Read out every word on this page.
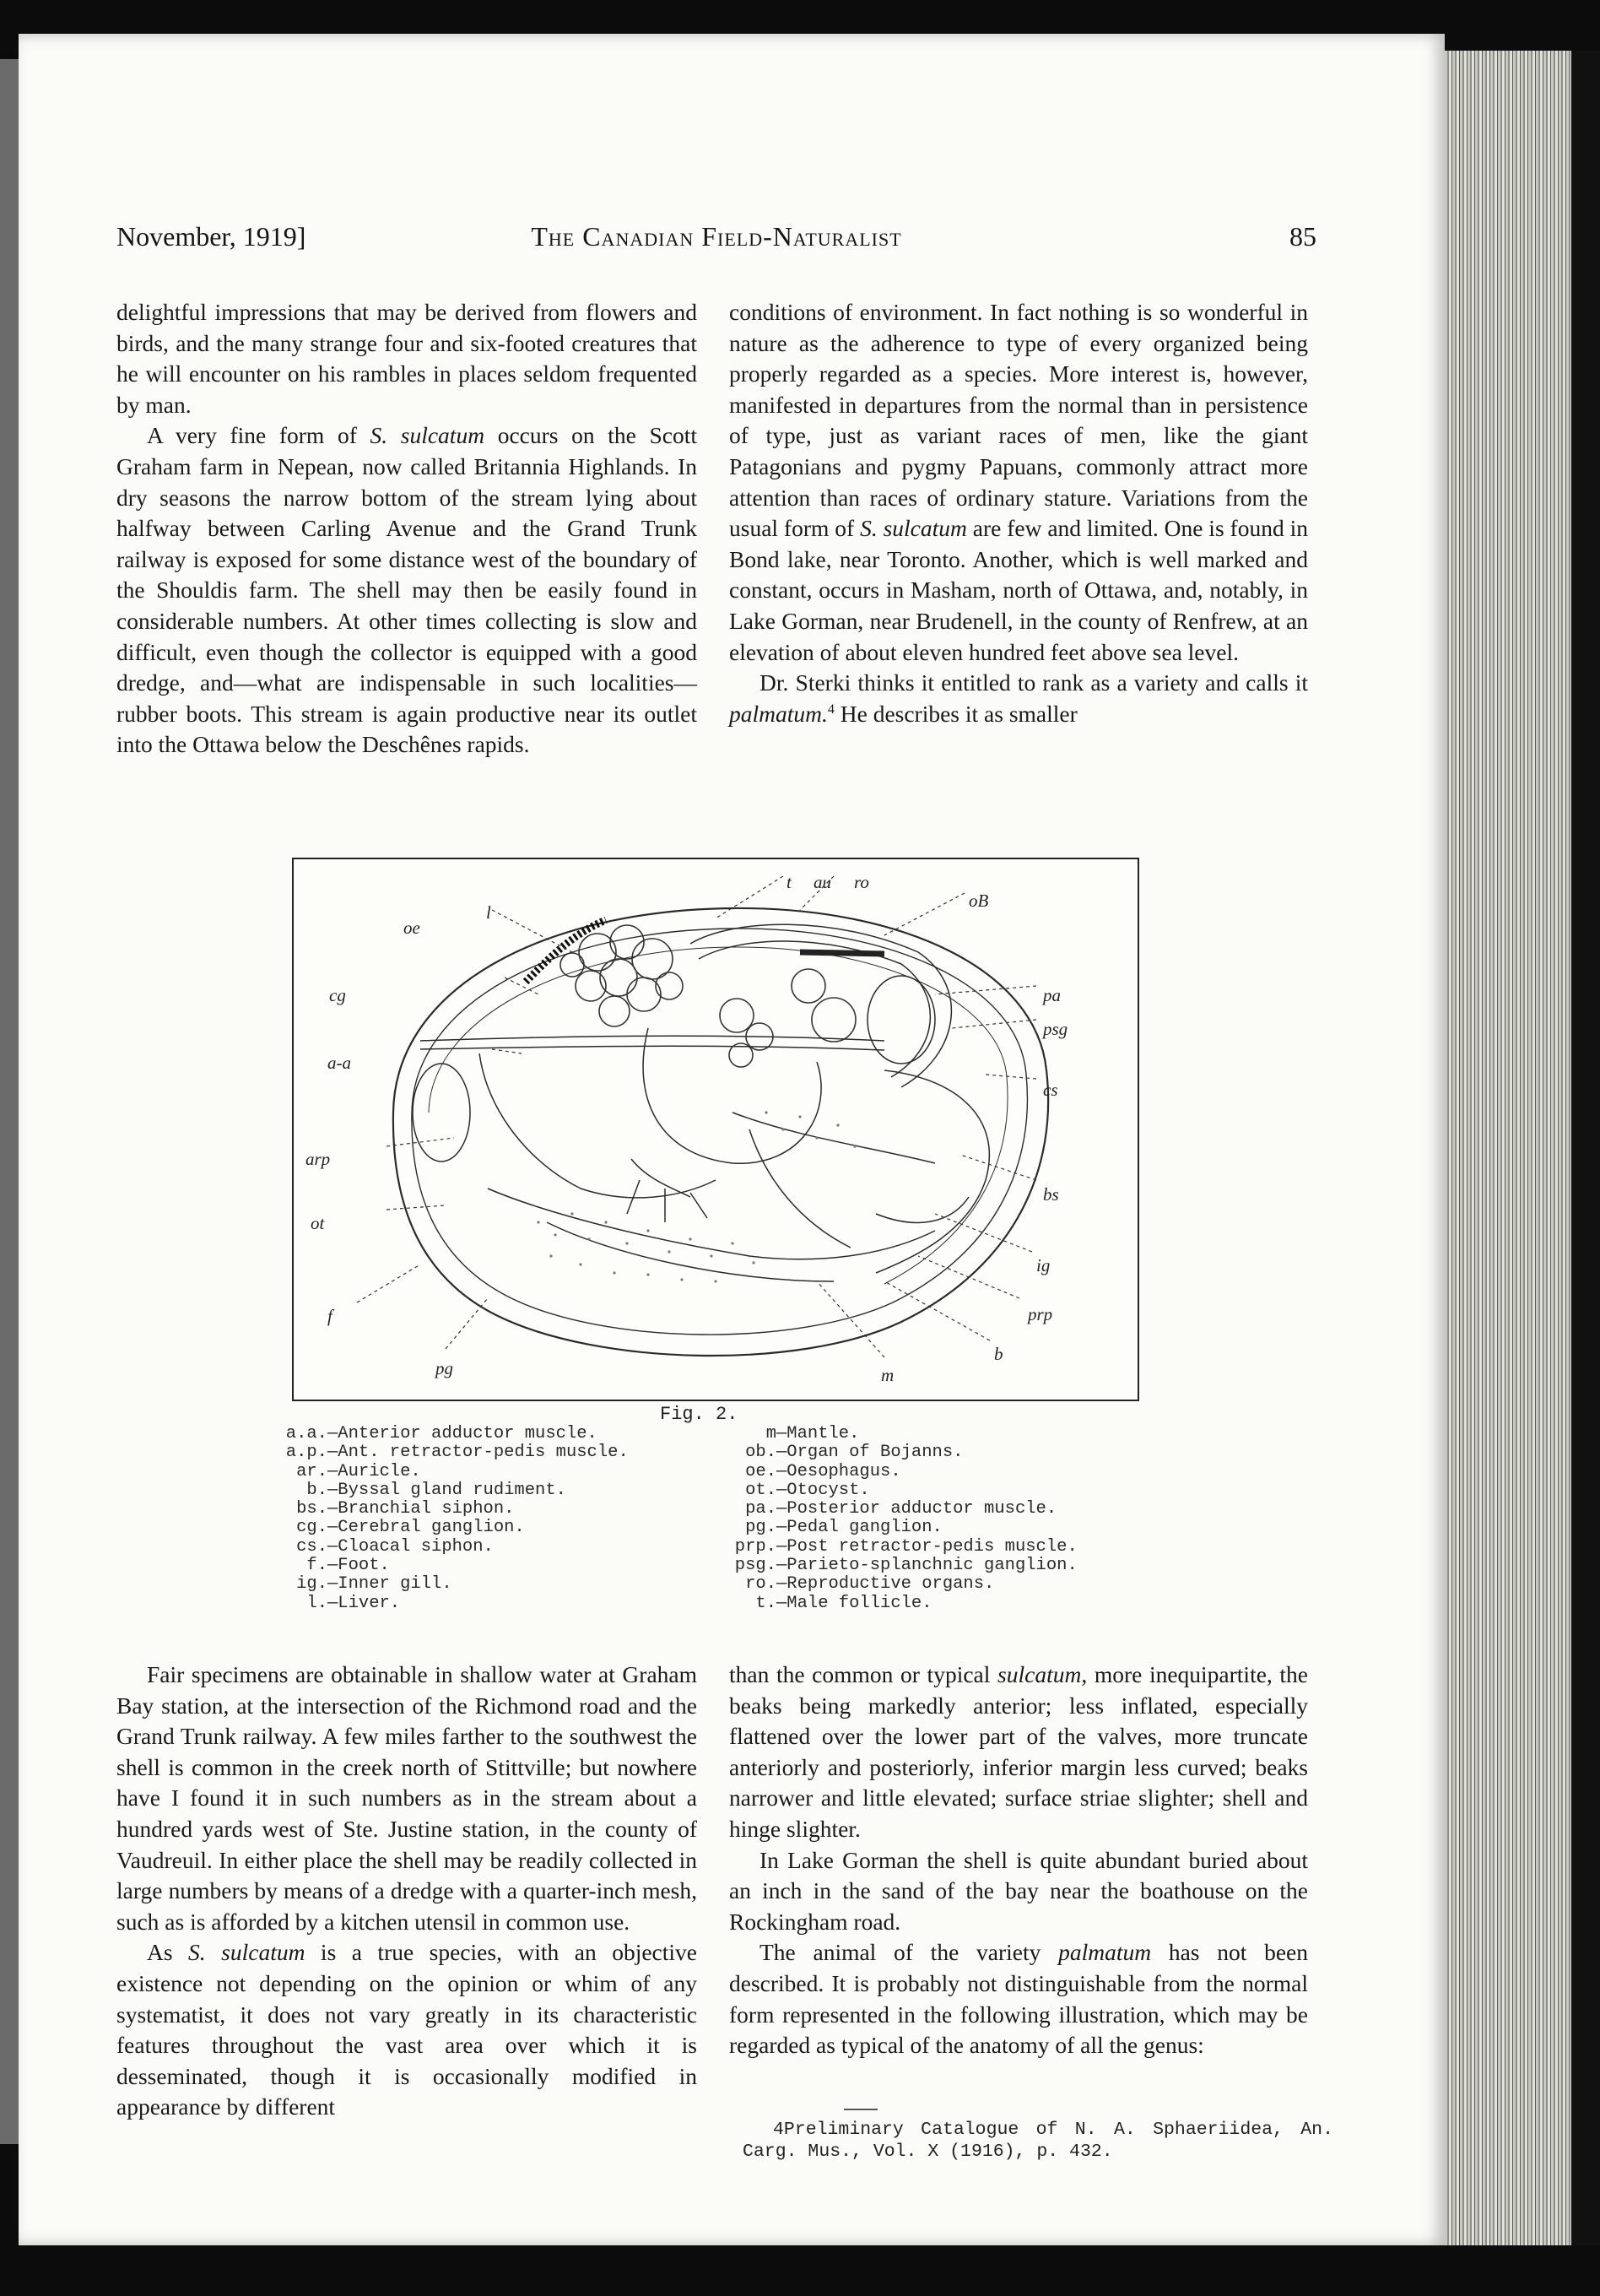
November, 1919]	The Canadian Field-Naturalist	85

delightful impressions that may be derived from flowers and birds, and the many strange four and six-footed creatures that he will encounter on his rambles in places seldom frequented by man.

A very fine form of S. sulcatum occurs on the Scott Graham farm in Nepean, now called Britannia Highlands. In dry seasons the narrow bottom of the stream lying about halfway between Carling Avenue and the Grand Trunk railway is exposed for some distance west of the boundary of the Shouldis farm. The shell may then be easily found in considerable numbers. At other times collecting is slow and difficult, even though the collector is equipped with a good dredge, and—what are indispensable in such localities—rubber boots. This stream is again productive near its outlet into the Ottawa below the Deschênes rapids.

conditions of environment. In fact nothing is so wonderful in nature as the adherence to type of every organized being properly regarded as a species. More interest is, however, manifested in departures from the normal than in persistence of type, just as variant races of men, like the giant Patagonians and pygmy Papuans, commonly attract more attention than races of ordinary stature. Variations from the usual form of S. sulcatum are few and limited. One is found in Bond lake, near Toronto. Another, which is well marked and constant, occurs in Masham, north of Ottawa, and, notably, in Lake Gorman, near Brudenell, in the county of Renfrew, at an elevation of about eleven hundred feet above sea level.

Dr. Sterki thinks it entitled to rank as a variety and calls it palmatum.$^4$ He describes it as smaller

l
t au ro
oB
oe
cg
a-a
pa
psg
cs
arp
bs
ot
ig
f	prp
pg	m
b
Fig. 2.
a.a.—Anterior adductor muscle.
a.p.—Ant. retractor-pedis muscle.
ar.—Auricle.
b.—Byssal gland rudiment.
bs.—Branchial siphon.
cg.—Cerebral ganglion.
cs.—Cloacal siphon.
f.—Foot.
ig.—Inner gill.
l.—Liver.
m—Mantle.
ob.—Organ of Bojanns.
oe.—Oesophagus.
ot.—Otocyst.
pa.—Posterior adductor muscle.
pg.—Pedal ganglion.
prp.—Post retractor-pedis muscle.
psg.—Parieto-splanchnic ganglion.
ro.—Reproductive organs.
t.—Male follicle.

Fair specimens are obtainable in shallow water at Graham Bay station, at the intersection of the Richmond road and the Grand Trunk railway. A few miles farther to the southwest the shell is common in the creek north of Stittville; but nowhere have I found it in such numbers as in the stream about a hundred yards west of Ste. Justine station, in the county of Vaudreuil. In either place the shell may be readily collected in large numbers by means of a dredge with a quarter-inch mesh, such as is afforded by a kitchen utensil in common use.

As S. sulcatum is a true species, with an objective existence not depending on the opinion or whim of any systematist, it does not vary greatly in its characteristic features throughout the vast area over which it is desseminated, though it is occasionally modified in appearance by different

than the common or typical sulcatum, more inequipartite, the beaks being markedly anterior; less inflated, especially flattened over the lower part of the valves, more truncate anteriorly and posteriorly, inferior margin less curved; beaks narrower and little elevated; surface striae slighter; shell and hinge slighter.

In Lake Gorman the shell is quite abundant buried about an inch in the sand of the bay near the boathouse on the Rockingham road.

The animal of the variety palmatum has not been described. It is probably not distinguishable from the normal form represented in the following illustration, which may be regarded as typical of the anatomy of all the genus:

4Preliminary Catalogue of N. A. Sphaeriidea, An. Carg. Mus., Vol. X (1916), p. 432.
